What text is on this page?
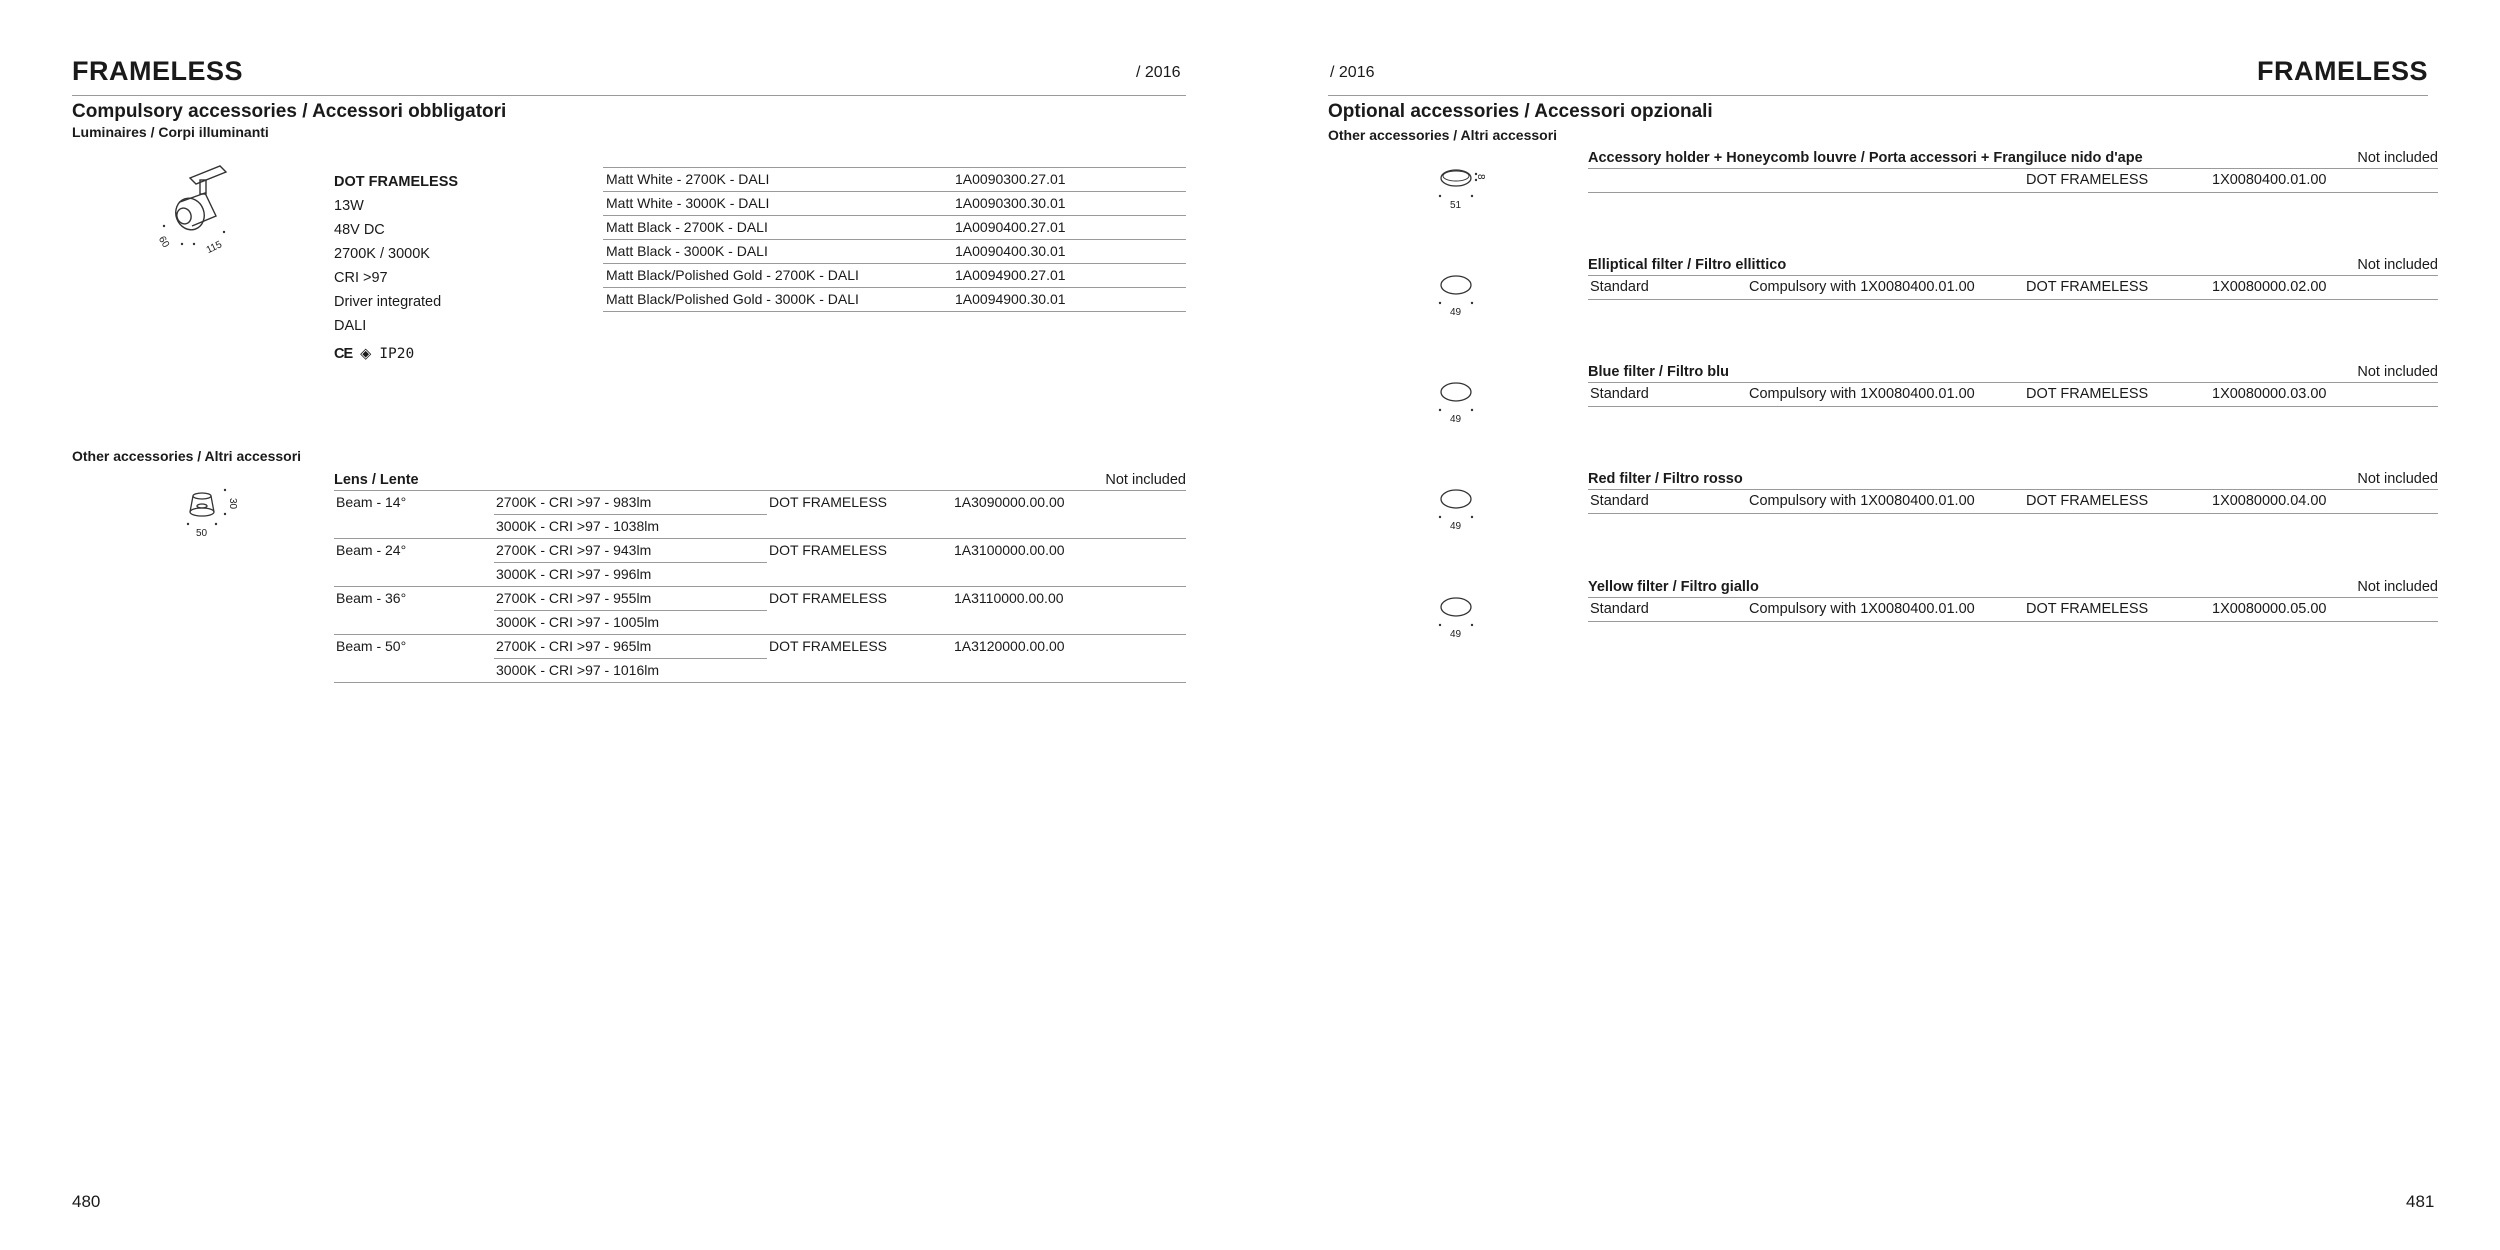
FRAMELESS	/ 2016
Compulsory accessories / Accessori obbligatori
Luminaires / Corpi illuminanti
60	115
DOT FRAMELESS
13W
48V DC
2700K / 3000K
CRI >97
Driver integrated
DALI
CE ◈ IP20
Matt White - 2700K - DALI	1A0090300.27.01
Matt White - 3000K - DALI	1A0090300.30.01
Matt Black - 2700K - DALI	1A0090400.27.01
Matt Black - 3000K - DALI	1A0090400.30.01
Matt Black/Polished Gold - 2700K - DALI	1A0094900.27.01
Matt Black/Polished Gold - 3000K - DALI	1A0094900.30.01
Other accessories / Altri accessori
30
50
Lens / Lente	Not included
Beam - 14°	2700K - CRI >97 - 983lm	DOT FRAMELESS	1A3090000.00.00
	3000K - CRI >97 - 1038lm		
Beam - 24°	2700K - CRI >97 - 943lm	DOT FRAMELESS	1A3100000.00.00
	3000K - CRI >97 - 996lm		
Beam - 36°	2700K - CRI >97 - 955lm	DOT FRAMELESS	1A3110000.00.00
	3000K - CRI >97 - 1005lm		
Beam - 50°	2700K - CRI >97 - 965lm	DOT FRAMELESS	1A3120000.00.00
	3000K - CRI >97 - 1016lm		
480
/ 2016	FRAMELESS
Optional accessories / Accessori opzionali
Other accessories / Altri accessori
51
8
Accessory holder + Honeycomb louvre / Porta accessori + Frangiluce nido d'ape	Not included
		DOT FRAMELESS	1X0080400.01.00
49
Elliptical filter / Filtro ellittico	Not included
Standard	Compulsory with 1X0080400.01.00	DOT FRAMELESS	1X0080000.02.00
49
Blue filter / Filtro blu	Not included
Standard	Compulsory with 1X0080400.01.00	DOT FRAMELESS	1X0080000.03.00
49
Red filter / Filtro rosso	Not included
Standard	Compulsory with 1X0080400.01.00	DOT FRAMELESS	1X0080000.04.00
49
Yellow filter / Filtro giallo	Not included
Standard	Compulsory with 1X0080400.01.00	DOT FRAMELESS	1X0080000.05.00
481
